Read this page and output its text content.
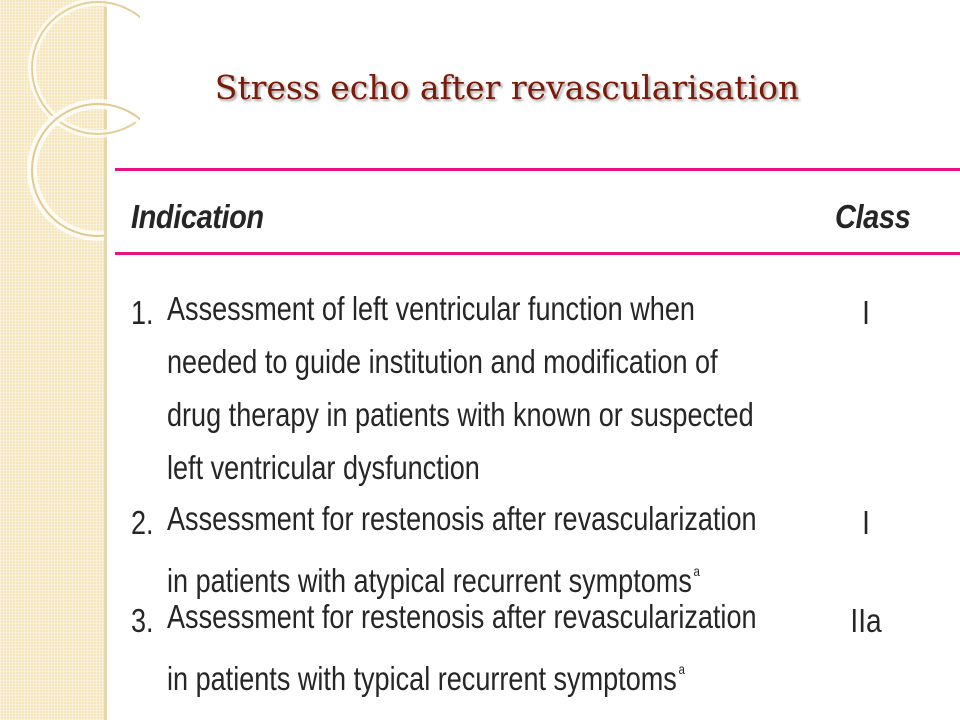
Stress echo after revascularisation
Indication	Class
1. Assessment of left ventricular function when
needed to guide institution and modification of
drug therapy in patients with known or suspected
left ventricular dysfunction
I
2. Assessment for restenosis after revascularization
in patients with atypical recurrent symptoms $^a$
I
3. Assessment for restenosis after revascularization
in patients with typical recurrent symptoms $^a$
IIa
